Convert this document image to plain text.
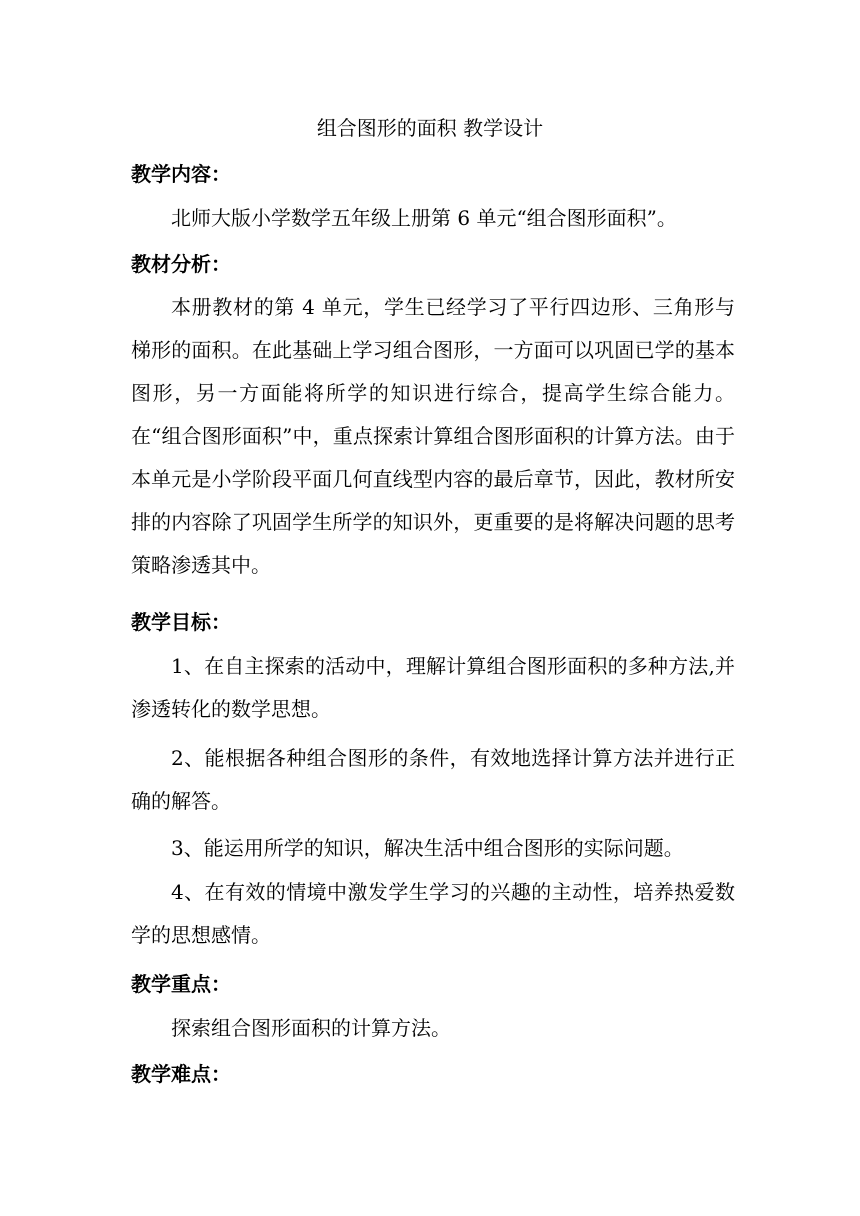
组合图形的面积 教学设计
教学内容：

北师大版小学数学五年级上册第 6 单元“组合图形面积”。

教材分析：

本册教材的第 4 单元，学生已经学习了平行四边形、三角形与梯形的面积。在此基础上学习组合图形，一方面可以巩固已学的基本图形，另一方面能将所学的知识进行综合，提高学生综合能力。在“组合图形面积”中，重点探索计算组合图形面积的计算方法。由于本单元是小学阶段平面几何直线型内容的最后章节，因此，教材所安排的内容除了巩固学生所学的知识外，更重要的是将解决问题的思考策略渗透其中。

教学目标：

1、在自主探索的活动中，理解计算组合图形面积的多种方法,并渗透转化的数学思想。

2、能根据各种组合图形的条件，有效地选择计算方法并进行正确的解答。

3、能运用所学的知识，解决生活中组合图形的实际问题。

4、在有效的情境中激发学生学习的兴趣的主动性，培养热爱数学的思想感情。

教学重点：

探索组合图形面积的计算方法。

教学难点：
